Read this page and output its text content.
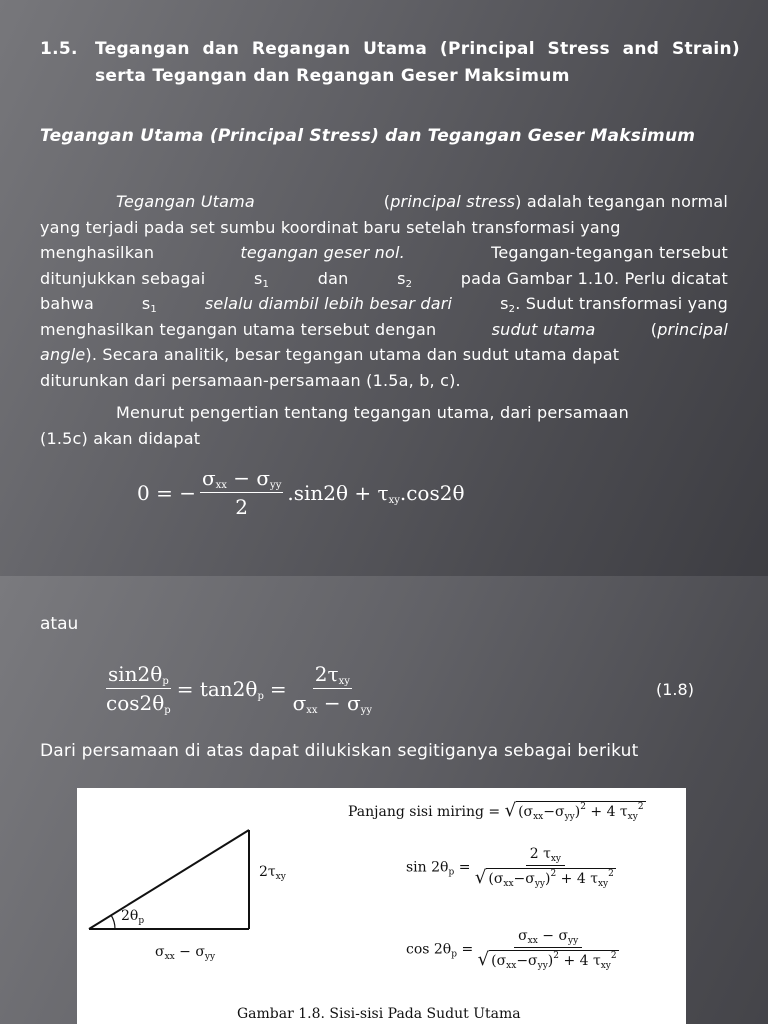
1.5.	Tegangan dan Regangan Utama (Principal Stress and Strain)
serta Tegangan dan Regangan Geser Maksimum
Tegangan Utama (Principal Stress) dan Tegangan Geser Maksimum
Tegangan Utama	(principal stress) adalah tegangan normal
yang terjadi pada set sumbu koordinat baru setelah transformasi yang
menghasilkan	tegangan geser nol.	Tegangan-tegangan tersebut
ditunjukkan sebagai	$s_1$	dan	$s_2$	pada Gambar 1.10. Perlu dicatat
bahwa	$s_1$	selalu diambil lebih besar dari	$s_2$. Sudut transformasi yang
menghasilkan tegangan utama tersebut dengan	sudut utama	(principal
angle). Secara analitik, besar tegangan utama dan sudut utama dapat
diturunkan dari persamaan-persamaan (1.5a, b, c).
Menurut pengertian tentang tegangan utama, dari persamaan
(1.5c) akan didapat
0 = − $\frac{\sigma_{xx} - \sigma_{yy}}{2} .\sin 2\theta + \tau_{xy}.\cos 2\theta$
atau
$\frac{\sin 2\theta_p}{\cos 2\theta_p} = \tan 2\theta_p = \frac{2\tau_{xy}}{\sigma_{xx} - \sigma_{yy}}$	(1.8)
Dari persamaan di atas dapat dilukiskan segitiganya sebagai berikut
$2\tau_{xy}$
$2\theta_p$
$\sigma_{xx} - \sigma_{yy}$
Panjang sisi miring = √ $(\sigma_{xx}-\sigma_{yy})^2 + 4$ $\tau_{xy}^2$
$\sin 2\theta_p$ =
2 $\tau_{xy}$
√ $(\sigma_{xx}-\sigma_{yy})^2 + 4$ $\tau_{xy}^2$
$\cos 2\theta_p$ =
$\sigma_{xx} - \sigma_{yy}$
√ $(\sigma_{xx}-\sigma_{yy})^2 + 4$ $\tau_{xy}^2$
Gambar 1.8. Sisi-sisi Pada Sudut Utama
